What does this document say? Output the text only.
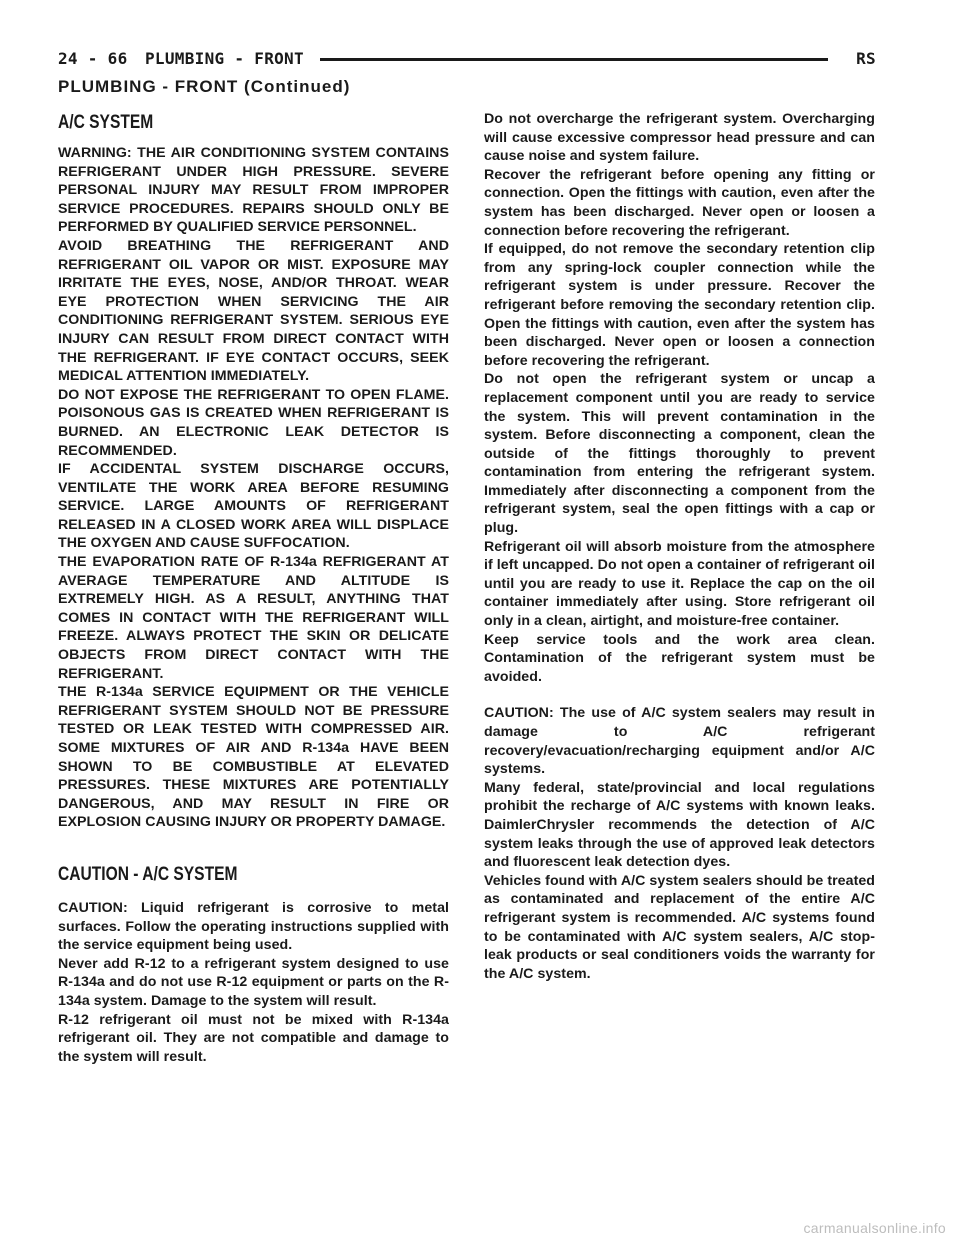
24 - 66 PLUMBING - FRONT	RS
PLUMBING - FRONT (Continued)
A/C SYSTEM

WARNING: THE AIR CONDITIONING SYSTEM CONTAINS REFRIGERANT UNDER HIGH PRESSURE. SEVERE PERSONAL INJURY MAY RESULT FROM IMPROPER SERVICE PROCEDURES. REPAIRS SHOULD ONLY BE PERFORMED BY QUALIFIED SERVICE PERSONNEL.

AVOID BREATHING THE REFRIGERANT AND REFRIGERANT OIL VAPOR OR MIST. EXPOSURE MAY IRRITATE THE EYES, NOSE, AND/OR THROAT. WEAR EYE PROTECTION WHEN SERVICING THE AIR CONDITIONING REFRIGERANT SYSTEM. SERIOUS EYE INJURY CAN RESULT FROM DIRECT CONTACT WITH THE REFRIGERANT. IF EYE CONTACT OCCURS, SEEK MEDICAL ATTENTION IMMEDIATELY.

DO NOT EXPOSE THE REFRIGERANT TO OPEN FLAME. POISONOUS GAS IS CREATED WHEN REFRIGERANT IS BURNED. AN ELECTRONIC LEAK DETECTOR IS RECOMMENDED.

IF ACCIDENTAL SYSTEM DISCHARGE OCCURS, VENTILATE THE WORK AREA BEFORE RESUMING SERVICE. LARGE AMOUNTS OF REFRIGERANT RELEASED IN A CLOSED WORK AREA WILL DISPLACE THE OXYGEN AND CAUSE SUFFOCATION.

THE EVAPORATION RATE OF R-134a REFRIGERANT AT AVERAGE TEMPERATURE AND ALTITUDE IS EXTREMELY HIGH. AS A RESULT, ANYTHING THAT COMES IN CONTACT WITH THE REFRIGERANT WILL FREEZE. ALWAYS PROTECT THE SKIN OR DELICATE OBJECTS FROM DIRECT CONTACT WITH THE REFRIGERANT.

THE R-134a SERVICE EQUIPMENT OR THE VEHICLE REFRIGERANT SYSTEM SHOULD NOT BE PRESSURE TESTED OR LEAK TESTED WITH COMPRESSED AIR. SOME MIXTURES OF AIR AND R-134a HAVE BEEN SHOWN TO BE COMBUSTIBLE AT ELEVATED PRESSURES. THESE MIXTURES ARE POTENTIALLY DANGEROUS, AND MAY RESULT IN FIRE OR EXPLOSION CAUSING INJURY OR PROPERTY DAMAGE.

CAUTION - A/C SYSTEM

CAUTION: Liquid refrigerant is corrosive to metal surfaces. Follow the operating instructions supplied with the service equipment being used.

Never add R-12 to a refrigerant system designed to use R-134a and do not use R-12 equipment or parts on the R-134a system. Damage to the system will result.

R-12 refrigerant oil must not be mixed with R-134a refrigerant oil. They are not compatible and damage to the system will result.

Do not overcharge the refrigerant system. Overcharging will cause excessive compressor head pressure and can cause noise and system failure.

Recover the refrigerant before opening any fitting or connection. Open the fittings with caution, even after the system has been discharged. Never open or loosen a connection before recovering the refrigerant.

If equipped, do not remove the secondary retention clip from any spring-lock coupler connection while the refrigerant system is under pressure. Recover the refrigerant before removing the secondary retention clip. Open the fittings with caution, even after the system has been discharged. Never open or loosen a connection before recovering the refrigerant.

Do not open the refrigerant system or uncap a replacement component until you are ready to service the system. This will prevent contamination in the system. Before disconnecting a component, clean the outside of the fittings thoroughly to prevent contamination from entering the refrigerant system. Immediately after disconnecting a component from the refrigerant system, seal the open fittings with a cap or plug.

Refrigerant oil will absorb moisture from the atmosphere if left uncapped. Do not open a container of refrigerant oil until you are ready to use it. Replace the cap on the oil container immediately after using. Store refrigerant oil only in a clean, airtight, and moisture-free container.

Keep service tools and the work area clean. Contamination of the refrigerant system must be avoided.

CAUTION: The use of A/C system sealers may result in damage to A/C refrigerant recovery/evacuation/recharging equipment and/or A/C systems.

Many federal, state/provincial and local regulations prohibit the recharge of A/C systems with known leaks. DaimlerChrysler recommends the detection of A/C system leaks through the use of approved leak detectors and fluorescent leak detection dyes.

Vehicles found with A/C system sealers should be treated as contaminated and replacement of the entire A/C refrigerant system is recommended. A/C systems found to be contaminated with A/C system sealers, A/C stop-leak products or seal conditioners voids the warranty for the A/C system.

carmanualsonline.info
